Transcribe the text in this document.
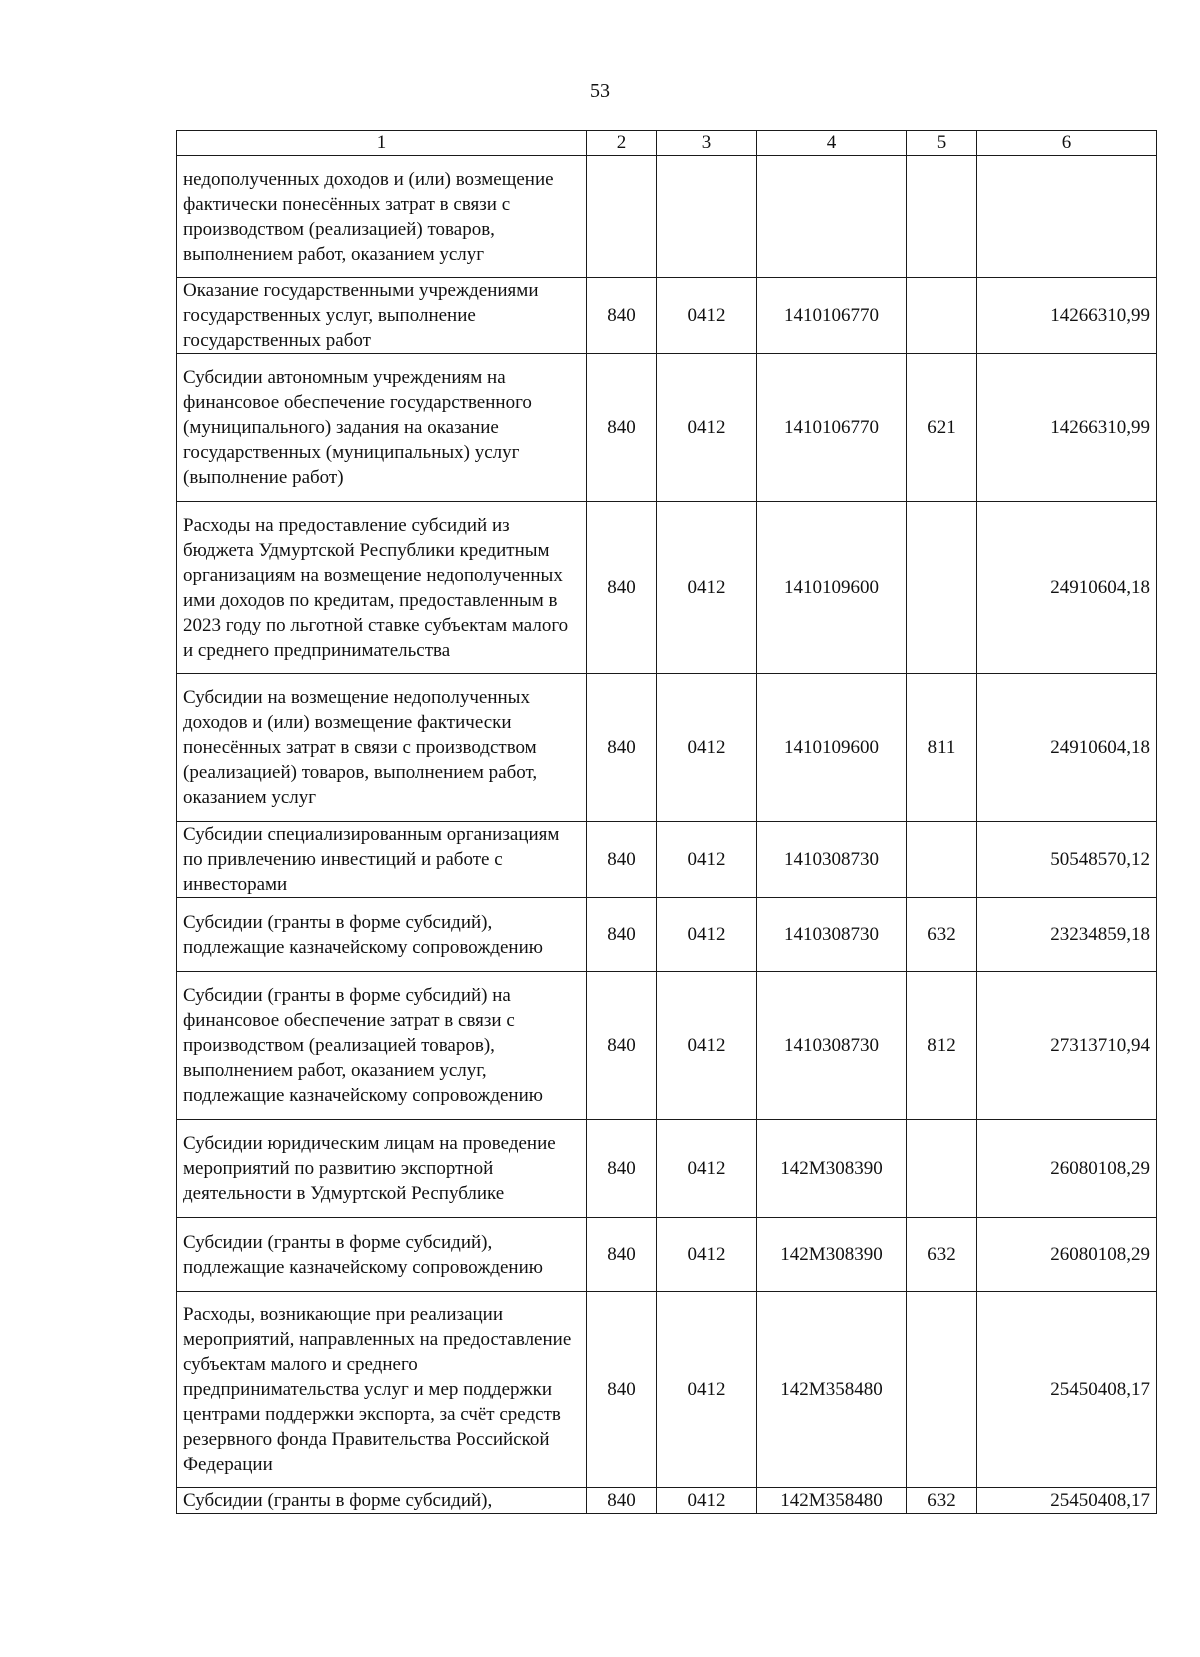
53
1	2	3	4	5	6
недополученных доходов и (или) возмещение фактически понесённых затрат в связи с производством (реализацией) товаров, выполнением работ, оказанием услуг					
Оказание государственными учреждениями государственных услуг, выполнение государственных работ	840	0412	1410106770		14266310,99
Субсидии автономным учреждениям на финансовое обеспечение государственного (муниципального) задания на оказание государственных (муниципальных) услуг (выполнение работ)	840	0412	1410106770	621	14266310,99
Расходы на предоставление субсидий из бюджета Удмуртской Республики кредитным организациям на возмещение недополученных ими доходов по кредитам, предоставленным в 2023 году по льготной ставке субъектам малого и среднего предпринимательства	840	0412	1410109600		24910604,18
Субсидии на возмещение недополученных доходов и (или) возмещение фактически понесённых затрат в связи с производством (реализацией) товаров, выполнением работ, оказанием услуг	840	0412	1410109600	811	24910604,18
Субсидии специализированным организациям по привлечению инвестиций и работе с инвесторами	840	0412	1410308730		50548570,12
Субсидии (гранты в форме субсидий), подлежащие казначейскому сопровождению	840	0412	1410308730	632	23234859,18
Субсидии (гранты в форме субсидий) на финансовое обеспечение затрат в связи с производством (реализацией товаров), выполнением работ, оказанием услуг, подлежащие казначейскому сопровождению	840	0412	1410308730	812	27313710,94
Субсидии юридическим лицам на проведение мероприятий по развитию экспортной деятельности в Удмуртской Республике	840	0412	142М308390		26080108,29
Субсидии (гранты в форме субсидий), подлежащие казначейскому сопровождению	840	0412	142М308390	632	26080108,29
Расходы, возникающие при реализации мероприятий, направленных на предоставление субъектам малого и среднего предпринимательства услуг и мер поддержки центрами поддержки экспорта, за счёт средств резервного фонда Правительства Российской Федерации	840	0412	142М358480		25450408,17
Субсидии (гранты в форме субсидий),	840	0412	142М358480	632	25450408,17
